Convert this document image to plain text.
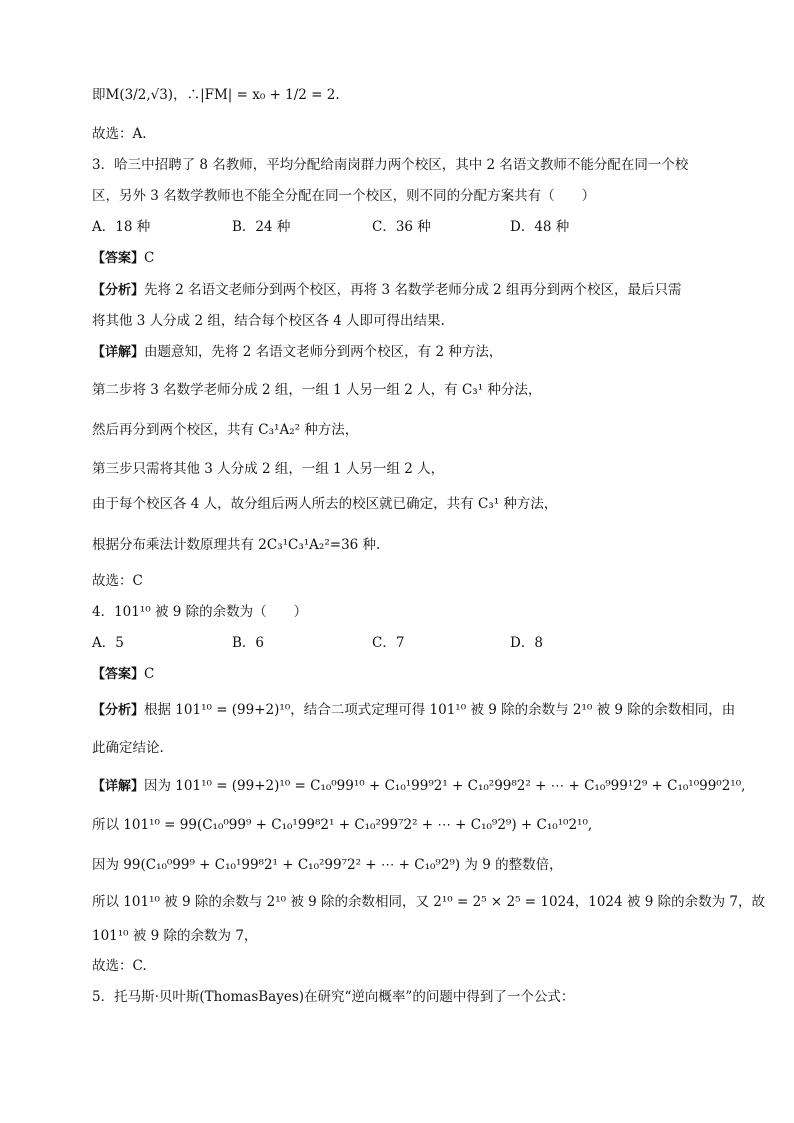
即M(3/2,√3)，∴|FM| = x₀ + 1/2 = 2.
故选：A.
3．哈三中招聘了 8 名教师，平均分配给南岗群力两个校区，其中 2 名语文教师不能分配在同一个校
区，另外 3 名数学教师也不能全分配在同一个校区，则不同的分配方案共有（　　）
A．18 种	B．24 种	C．36 种	D．48 种
【答案】C
【分析】先将 2 名语文老师分到两个校区，再将 3 名数学老师分成 2 组再分到两个校区，最后只需
将其他 3 人分成 2 组，结合每个校区各 4 人即可得出结果.
【详解】由题意知，先将 2 名语文老师分到两个校区，有 2 种方法，
第二步将 3 名数学老师分成 2 组，一组 1 人另一组 2 人，有 C₃¹ 种分法，
然后再分到两个校区，共有 C₃¹A₂² 种方法，
第三步只需将其他 3 人分成 2 组，一组 1 人另一组 2 人，
由于每个校区各 4 人，故分组后两人所去的校区就已确定，共有 C₃¹ 种方法，
根据分布乘法计数原理共有 2C₃¹C₃¹A₂²=36 种.
故选：C
4．101¹⁰ 被 9 除的余数为（　　）
A．5	B．6	C．7	D．8
【答案】C
【分析】根据 101¹⁰ = (99+2)¹⁰，结合二项式定理可得 101¹⁰ 被 9 除的余数与 2¹⁰ 被 9 除的余数相同，由
此确定结论.
【详解】因为 101¹⁰ = (99+2)¹⁰ = C₁₀⁰99¹⁰ + C₁₀¹99⁹2¹ + C₁₀²99⁸2² + ⋯ + C₁₀⁹99¹2⁹ + C₁₀¹⁰99⁰2¹⁰,
所以 101¹⁰ = 99(C₁₀⁰99⁹ + C₁₀¹99⁸2¹ + C₁₀²99⁷2² + ⋯ + C₁₀⁹2⁹) + C₁₀¹⁰2¹⁰,
因为 99(C₁₀⁰99⁹ + C₁₀¹99⁸2¹ + C₁₀²99⁷2² + ⋯ + C₁₀⁹2⁹) 为 9 的整数倍，
所以 101¹⁰ 被 9 除的余数与 2¹⁰ 被 9 除的余数相同，又 2¹⁰ = 2⁵ × 2⁵ = 1024，1024 被 9 除的余数为 7，故
101¹⁰ 被 9 除的余数为 7，
故选：C.
5．托马斯·贝叶斯(ThomasBayes)在研究“逆向概率”的问题中得到了一个公式：
